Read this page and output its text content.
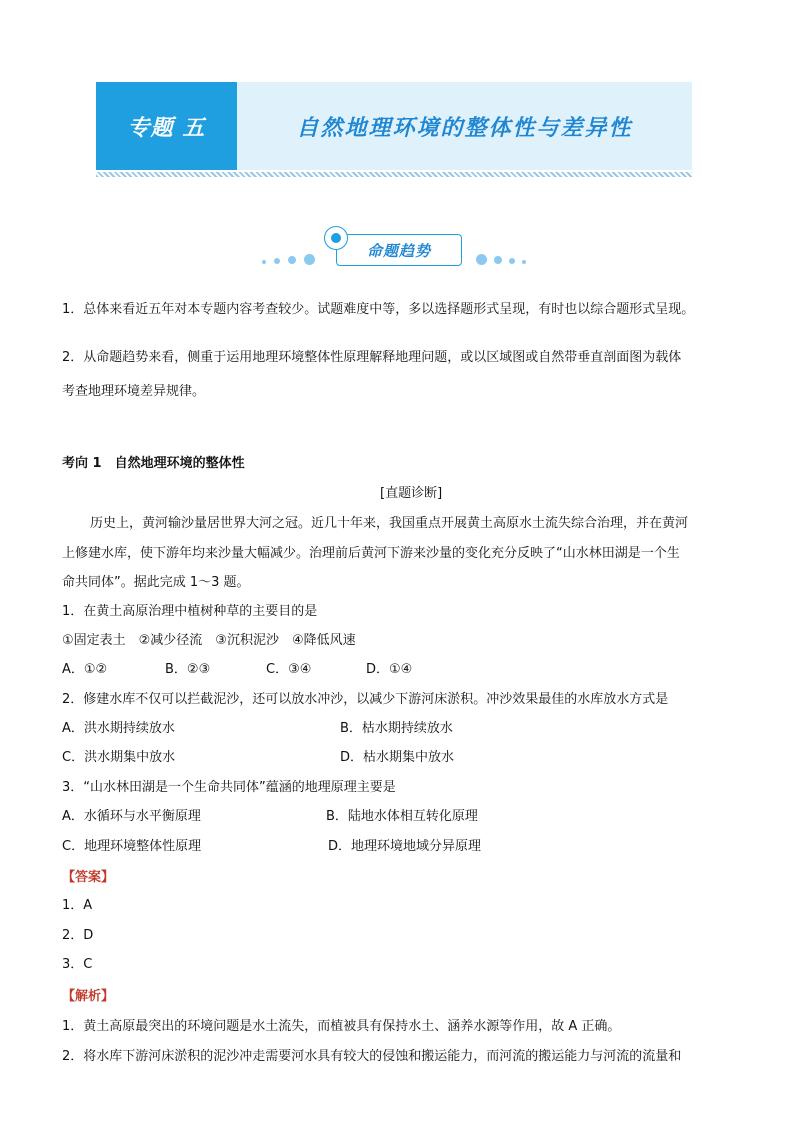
专题 五	自然地理环境的整体性与差异性
命题趋势
1．总体来看近五年对本专题内容考查较少。试题难度中等，多以选择题形式呈现，有时也以综合题形式呈现。
2．从命题趋势来看，侧重于运用地理环境整体性原理解释地理问题，或以区域图或自然带垂直剖面图为载体
考查地理环境差异规律。
考向 1　自然地理环境的整体性
[直题诊断]
历史上，黄河输沙量居世界大河之冠。近几十年来，我国重点开展黄土高原水土流失综合治理，并在黄河
上修建水库，使下游年均来沙量大幅减少。治理前后黄河下游来沙量的变化充分反映了“山水林田湖是一个生
命共同体”。据此完成 1～3 题。
1．在黄土高原治理中植树种草的主要目的是
①固定表土　②减少径流　③沉积泥沙　④降低风速
A．①②	B．②③	C．③④	D．①④
2．修建水库不仅可以拦截泥沙，还可以放水冲沙，以减少下游河床淤积。冲沙效果最佳的水库放水方式是
A．洪水期持续放水	B．枯水期持续放水
C．洪水期集中放水	D．枯水期集中放水
3．“山水林田湖是一个生命共同体”蕴涵的地理原理主要是
A．水循环与水平衡原理	B．陆地水体相互转化原理
C．地理环境整体性原理	D．地理环境地域分异原理
【答案】
1．A
2．D
3．C
【解析】
1．黄土高原最突出的环境问题是水土流失，而植被具有保持水土、涵养水源等作用，故 A 正确。
2．将水库下游河床淤积的泥沙冲走需要河水具有较大的侵蚀和搬运能力，而河流的搬运能力与河流的流量和
